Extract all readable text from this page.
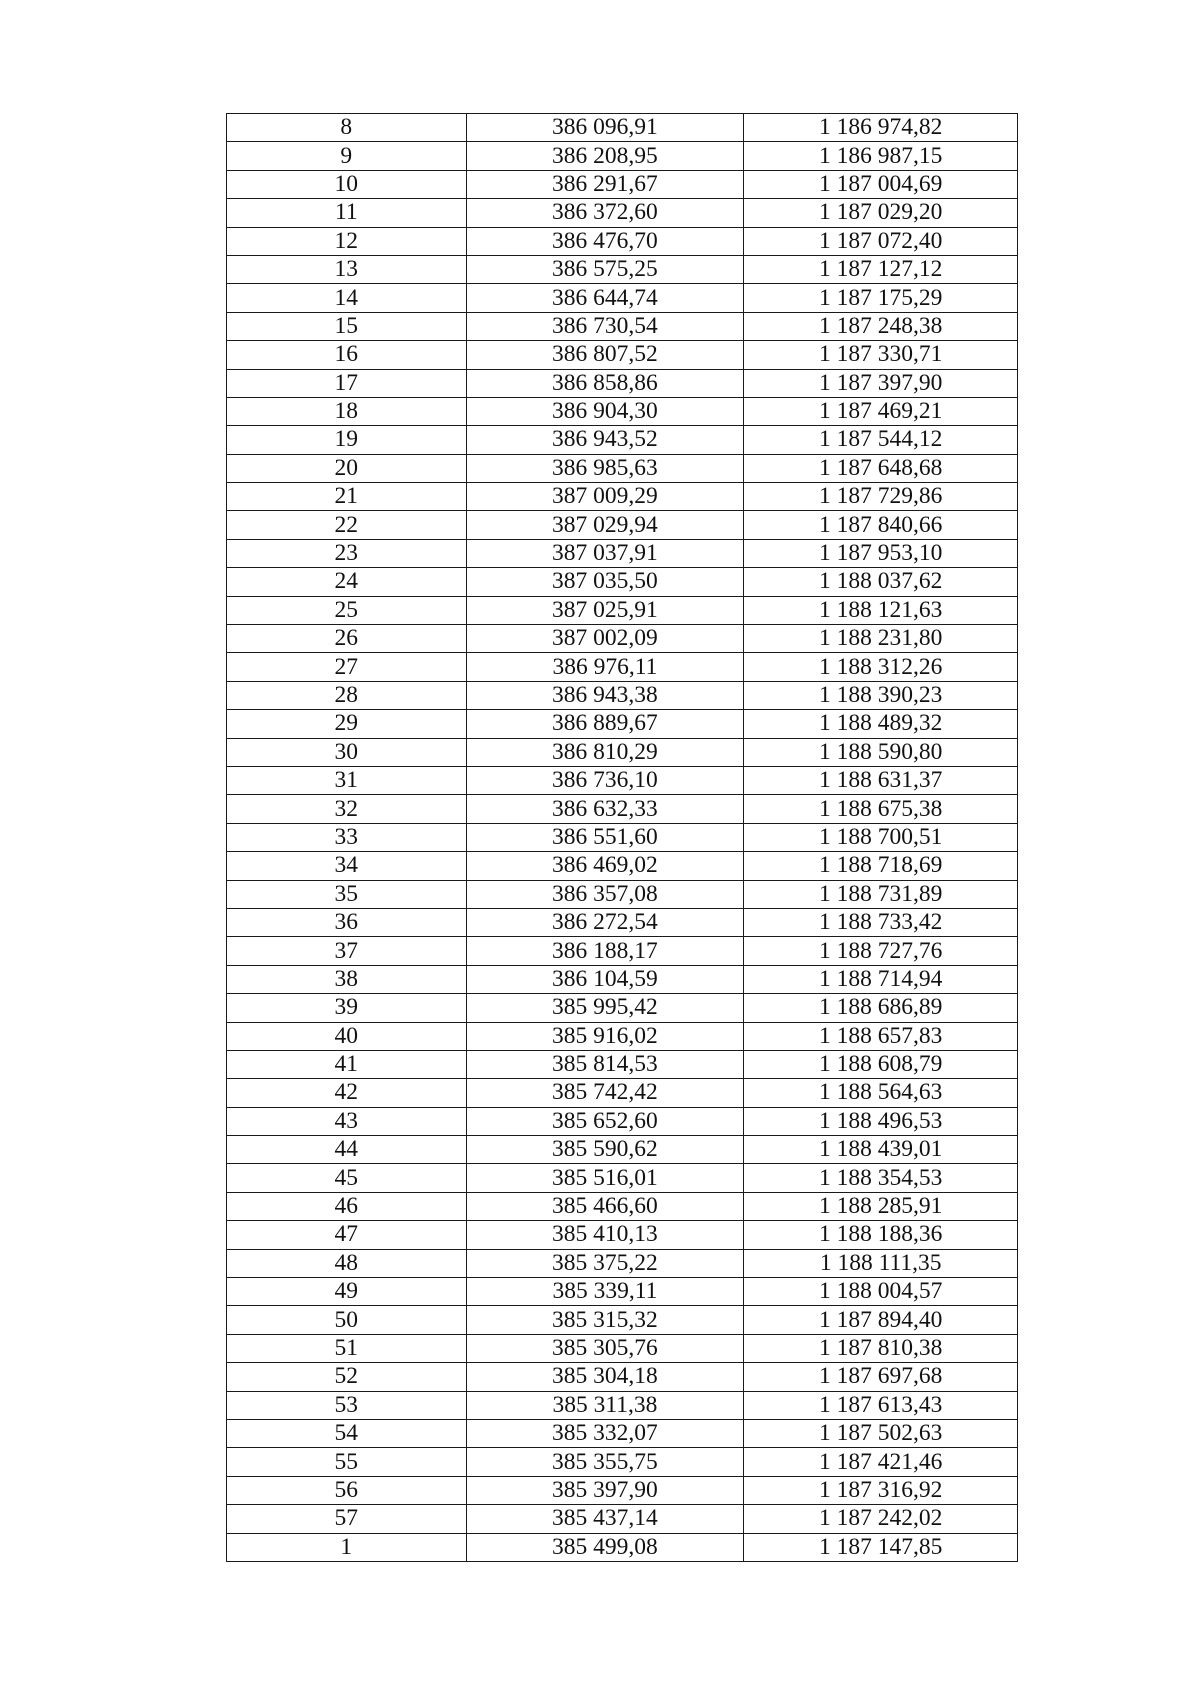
8	386 096,91	1 186 974,82
9	386 208,95	1 186 987,15
10	386 291,67	1 187 004,69
11	386 372,60	1 187 029,20
12	386 476,70	1 187 072,40
13	386 575,25	1 187 127,12
14	386 644,74	1 187 175,29
15	386 730,54	1 187 248,38
16	386 807,52	1 187 330,71
17	386 858,86	1 187 397,90
18	386 904,30	1 187 469,21
19	386 943,52	1 187 544,12
20	386 985,63	1 187 648,68
21	387 009,29	1 187 729,86
22	387 029,94	1 187 840,66
23	387 037,91	1 187 953,10
24	387 035,50	1 188 037,62
25	387 025,91	1 188 121,63
26	387 002,09	1 188 231,80
27	386 976,11	1 188 312,26
28	386 943,38	1 188 390,23
29	386 889,67	1 188 489,32
30	386 810,29	1 188 590,80
31	386 736,10	1 188 631,37
32	386 632,33	1 188 675,38
33	386 551,60	1 188 700,51
34	386 469,02	1 188 718,69
35	386 357,08	1 188 731,89
36	386 272,54	1 188 733,42
37	386 188,17	1 188 727,76
38	386 104,59	1 188 714,94
39	385 995,42	1 188 686,89
40	385 916,02	1 188 657,83
41	385 814,53	1 188 608,79
42	385 742,42	1 188 564,63
43	385 652,60	1 188 496,53
44	385 590,62	1 188 439,01
45	385 516,01	1 188 354,53
46	385 466,60	1 188 285,91
47	385 410,13	1 188 188,36
48	385 375,22	1 188 111,35
49	385 339,11	1 188 004,57
50	385 315,32	1 187 894,40
51	385 305,76	1 187 810,38
52	385 304,18	1 187 697,68
53	385 311,38	1 187 613,43
54	385 332,07	1 187 502,63
55	385 355,75	1 187 421,46
56	385 397,90	1 187 316,92
57	385 437,14	1 187 242,02
1	385 499,08	1 187 147,85
